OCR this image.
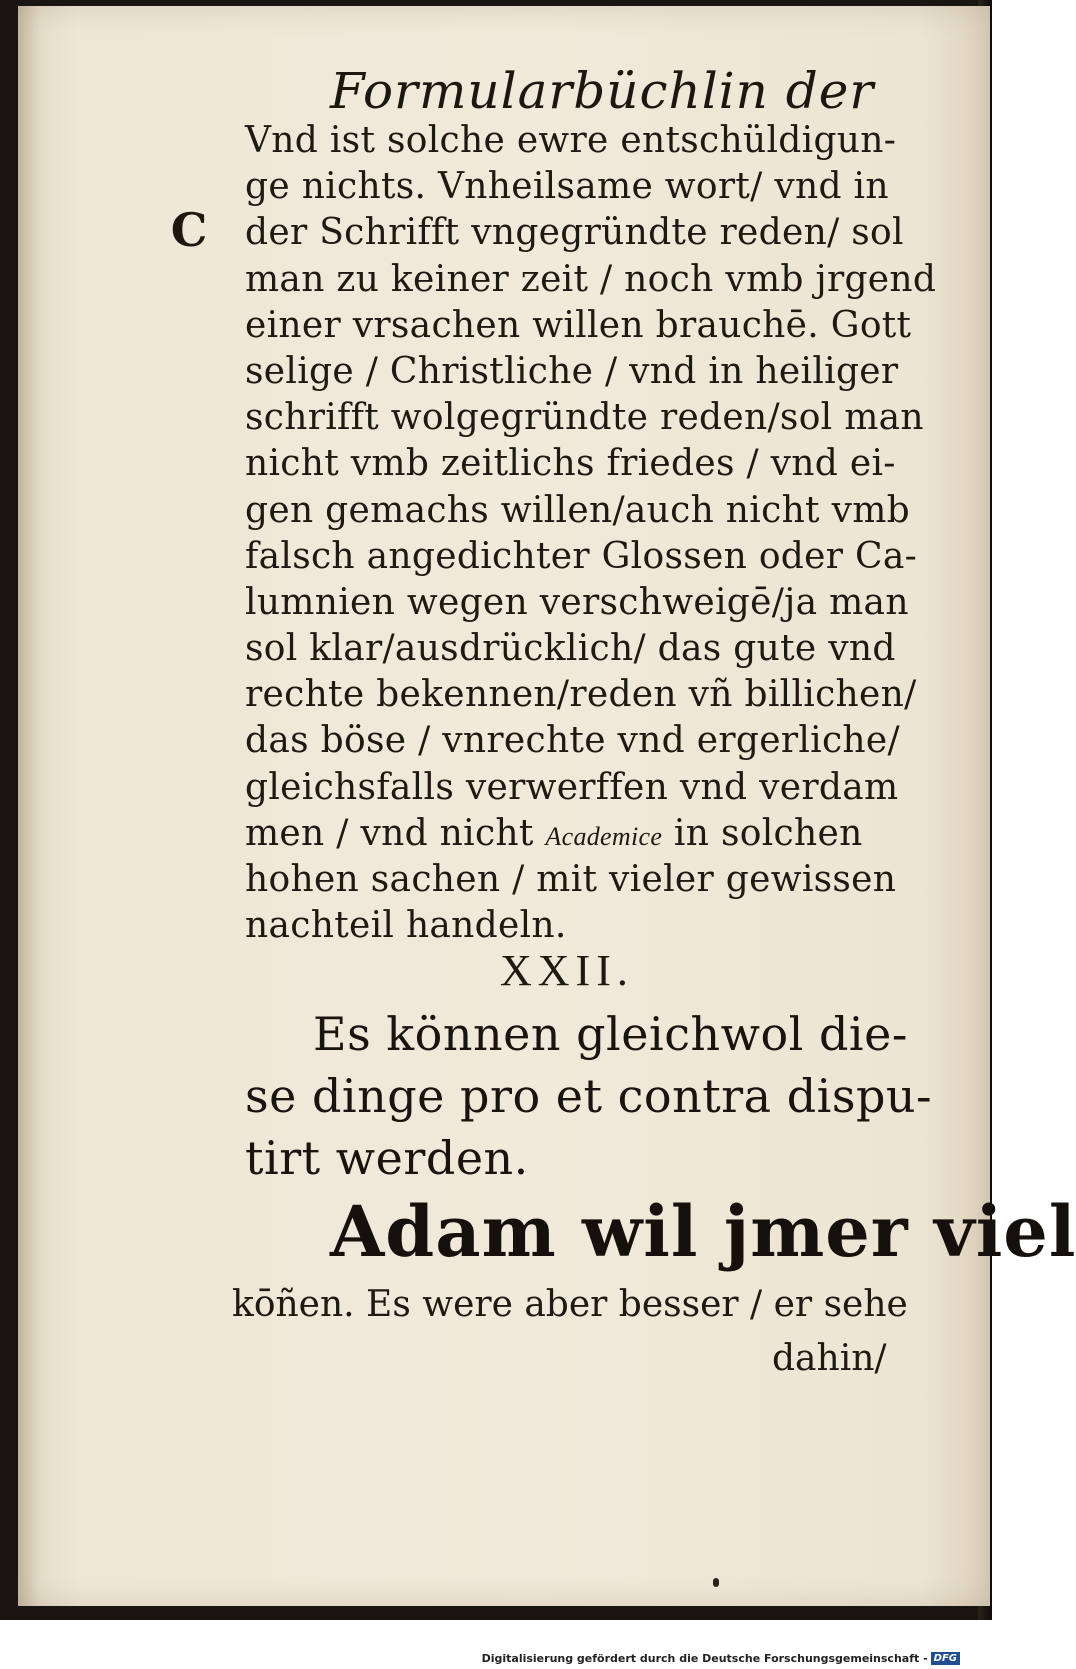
Formularbüchlin der
C
Vnd ist solche ewre entschüldigun-
ge nichts. Vnheilsame wort/ vnd in
der Schrifft vngegründte reden/ sol
man zu keiner zeit / noch vmb jrgend
einer vrsachen willen brauchē. Gott
selige / Christliche / vnd in heiliger
schrifft wolgegründte reden/sol man
nicht vmb zeitlichs friedes / vnd ei-
gen gemachs willen/auch nicht vmb
falsch angedichter Glossen oder Ca-
lumnien wegen verschweigē/ja man
sol klar/ausdrücklich/ das gute vnd
rechte bekennen/reden vñ billichen/
das böse / vnrechte vnd ergerliche/
gleichsfalls verwerffen vnd verdam
men / vnd nicht Academice in solchen
hohen sachen / mit vieler gewissen
nachteil handeln.
XXII.
Es können gleichwol die-
se dinge pro et contra dispu-
tirt werden.
Adam wil jmer viel
kōñen. Es were aber besser / er sehe
dahin/
Digitalisierung gefördert durch die Deutsche Forschungsgemeinschaft - DFG
